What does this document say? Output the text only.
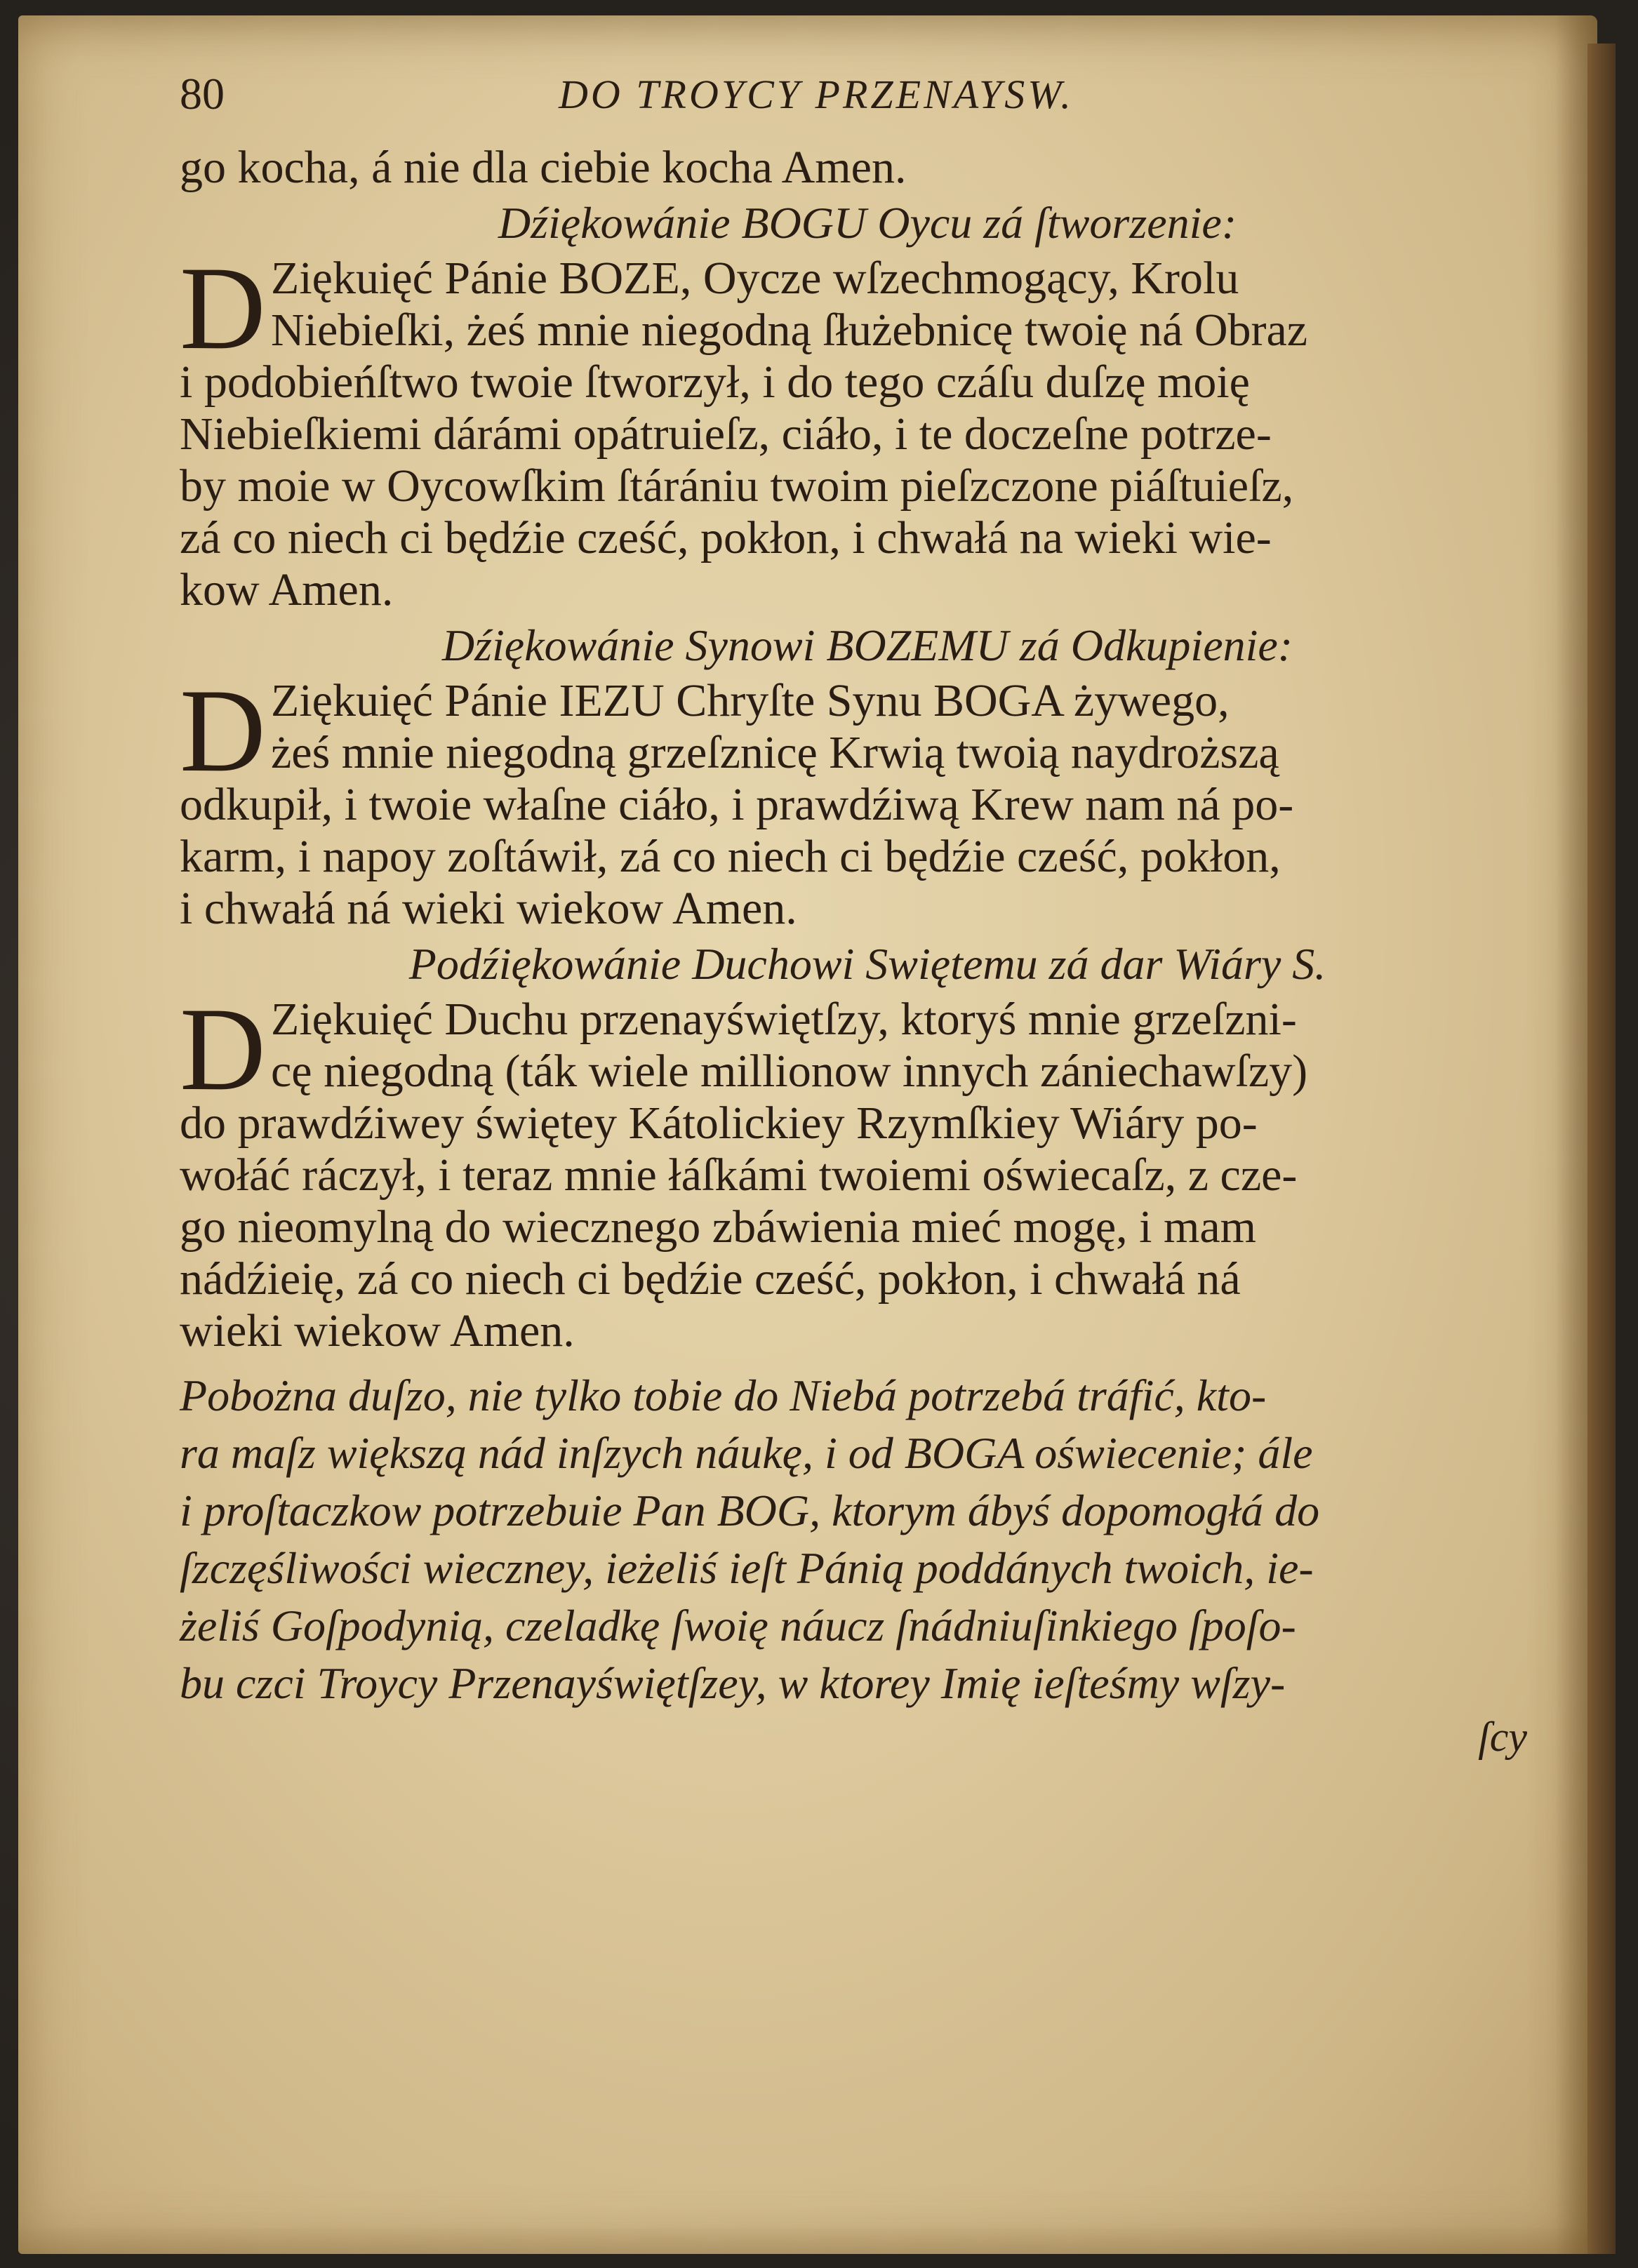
80	DO TROYCY PRZENAYSW.
go kocha, á nie dla ciebie kocha Amen.
Dźiękowánie BOGU Oycu zá ſtworzenie:
D Ziękuięć Pánie BOZE, Oycze wſzechmogący, Krolu
Niebieſki, żeś mnie niegodną ſłużebnicę twoię ná Obraz
i podobieńſtwo twoie ſtworzył, i do tego czáſu duſzę moię
Niebieſkiemi dárámi opátruieſz, ciáło, i te doczeſne potrze-
by moie w Oycowſkim ſtárániu twoim pieſzczone piáſtuieſz,
zá co niech ci będźie cześć, pokłon, i chwałá na wieki wie-
kow Amen.
Dźiękowánie Synowi BOZEMU zá Odkupienie:
D Ziękuięć Pánie IEZU Chryſte Synu BOGA żywego,
żeś mnie niegodną grzeſznicę Krwią twoią naydroższą
odkupił, i twoie właſne ciáło, i prawdźiwą Krew nam ná po-
karm, i napoy zoſtáwił, zá co niech ci będźie cześć, pokłon,
i chwałá ná wieki wiekow Amen.
Podźiękowánie Duchowi Swiętemu zá dar Wiáry S.
D Ziękuięć Duchu przenayświętſzy, ktoryś mnie grzeſzni-
cę niegodną (ták wiele millionow innych zániechawſzy)
do prawdźiwey świętey Kátolickiey Rzymſkiey Wiáry po-
wołáć ráczył, i teraz mnie łáſkámi twoiemi oświecaſz, z cze-
go nieomylną do wiecznego zbáwienia mieć mogę, i mam
nádźieię, zá co niech ci będźie cześć, pokłon, i chwałá ná
wieki wiekow Amen.
Pobożna duſzo, nie tylko tobie do Niebá potrzebá tráfić, kto-
ra maſz większą nád inſzych náukę, i od BOGA oświecenie; ále
i proſtaczkow potrzebuie Pan BOG, ktorym ábyś dopomogłá do
ſzczęśliwości wieczney, ieżeliś ieſt Pánią poddánych twoich, ie-
żeliś Goſpodynią, czeladkę ſwoię náucz ſnádniuſinkiego ſpoſo-
bu czci Troycy Przenayświętſzey, w ktorey Imię ieſteśmy wſzy-
ſcy
